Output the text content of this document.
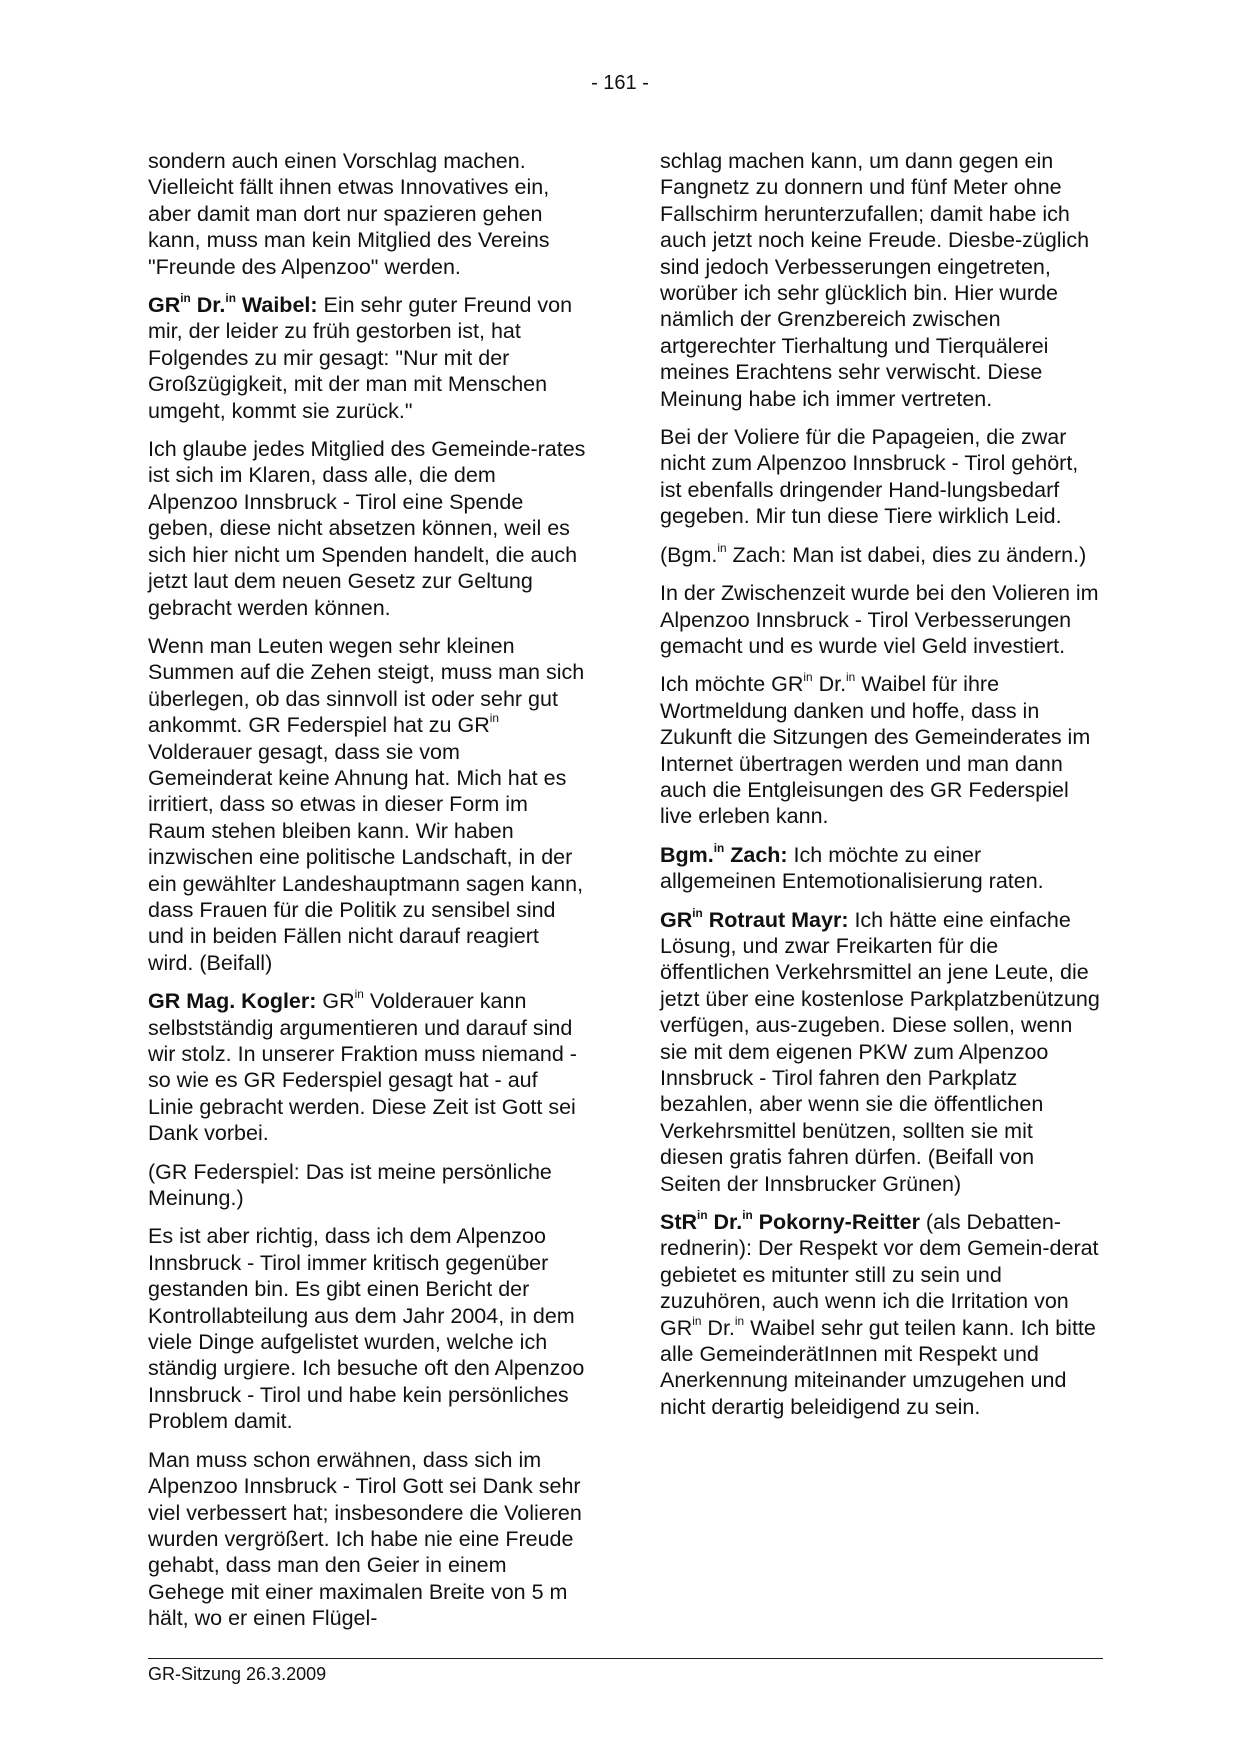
- 161 -

sondern auch einen Vorschlag machen. Vielleicht fällt ihnen etwas Innovatives ein, aber damit man dort nur spazieren gehen kann, muss man kein Mitglied des Vereins "Freunde des Alpenzoo" werden.

$GR^{in}$ Dr.$^{in}$ Waibel: Ein sehr guter Freund von mir, der leider zu früh gestorben ist, hat Folgendes zu mir gesagt: "Nur mit der Großzügigkeit, mit der man mit Menschen umgeht, kommt sie zurück."

Ich glaube jedes Mitglied des Gemeinde-rates ist sich im Klaren, dass alle, die dem Alpenzoo Innsbruck - Tirol eine Spende geben, diese nicht absetzen können, weil es sich hier nicht um Spenden handelt, die auch jetzt laut dem neuen Gesetz zur Geltung gebracht werden können.

Wenn man Leuten wegen sehr kleinen Summen auf die Zehen steigt, muss man sich überlegen, ob das sinnvoll ist oder sehr gut ankommt. GR Federspiel hat zu $GR^{in}$ Volderauer gesagt, dass sie vom Gemeinderat keine Ahnung hat. Mich hat es irritiert, dass so etwas in dieser Form im Raum stehen bleiben kann. Wir haben inzwischen eine politische Landschaft, in der ein gewählter Landeshauptmann sagen kann, dass Frauen für die Politik zu sensibel sind und in beiden Fällen nicht darauf reagiert wird. (Beifall)

GR Mag. Kogler: $GR^{in}$ Volderauer kann selbstständig argumentieren und darauf sind wir stolz. In unserer Fraktion muss niemand - so wie es GR Federspiel gesagt hat - auf Linie gebracht werden. Diese Zeit ist Gott sei Dank vorbei.

(GR Federspiel: Das ist meine persönliche Meinung.)

Es ist aber richtig, dass ich dem Alpenzoo Innsbruck - Tirol immer kritisch gegenüber gestanden bin. Es gibt einen Bericht der Kontrollabteilung aus dem Jahr 2004, in dem viele Dinge aufgelistet wurden, welche ich ständig urgiere. Ich besuche oft den Alpenzoo Innsbruck - Tirol und habe kein persönliches Problem damit.

Man muss schon erwähnen, dass sich im Alpenzoo Innsbruck - Tirol Gott sei Dank sehr viel verbessert hat; insbesondere die Volieren wurden vergrößert. Ich habe nie eine Freude gehabt, dass man den Geier in einem Gehege mit einer maximalen Breite von 5 m hält, wo er einen Flügel-

schlag machen kann, um dann gegen ein Fangnetz zu donnern und fünf Meter ohne Fallschirm herunterzufallen; damit habe ich auch jetzt noch keine Freude. Diesbe-züglich sind jedoch Verbesserungen eingetreten, worüber ich sehr glücklich bin. Hier wurde nämlich der Grenzbereich zwischen artgerechter Tierhaltung und Tierquälerei meines Erachtens sehr verwischt. Diese Meinung habe ich immer vertreten.

Bei der Voliere für die Papageien, die zwar nicht zum Alpenzoo Innsbruck - Tirol gehört, ist ebenfalls dringender Hand-lungsbedarf gegeben. Mir tun diese Tiere wirklich Leid.

(Bgm.$^{in}$ Zach: Man ist dabei, dies zu ändern.)

In der Zwischenzeit wurde bei den Volieren im Alpenzoo Innsbruck - Tirol Verbesserungen gemacht und es wurde viel Geld investiert.

Ich möchte $GR^{in}$ Dr.$^{in}$ Waibel für ihre Wortmeldung danken und hoffe, dass in Zukunft die Sitzungen des Gemeinderates im Internet übertragen werden und man dann auch die Entgleisungen des GR Federspiel live erleben kann.

Bgm.$^{in}$ Zach: Ich möchte zu einer allgemeinen Entemotionalisierung raten.

$GR^{in}$ Rotraut Mayr: Ich hätte eine einfache Lösung, und zwar Freikarten für die öffentlichen Verkehrsmittel an jene Leute, die jetzt über eine kostenlose Parkplatzbenützung verfügen, aus-zugeben. Diese sollen, wenn sie mit dem eigenen PKW zum Alpenzoo Innsbruck - Tirol fahren den Parkplatz bezahlen, aber wenn sie die öffentlichen Verkehrsmittel benützen, sollten sie mit diesen gratis fahren dürfen. (Beifall von Seiten der Innsbrucker Grünen)

StR$^{in}$ Dr.$^{in}$ Pokorny-Reitter (als Debatten-rednerin): Der Respekt vor dem Gemein-derat gebietet es mitunter still zu sein und zuzuhören, auch wenn ich die Irritation von $GR^{in}$ Dr.$^{in}$ Waibel sehr gut teilen kann. Ich bitte alle GemeinderätInnen mit Respekt und Anerkennung miteinander umzugehen und nicht derartig beleidigend zu sein.

GR-Sitzung 26.3.2009
